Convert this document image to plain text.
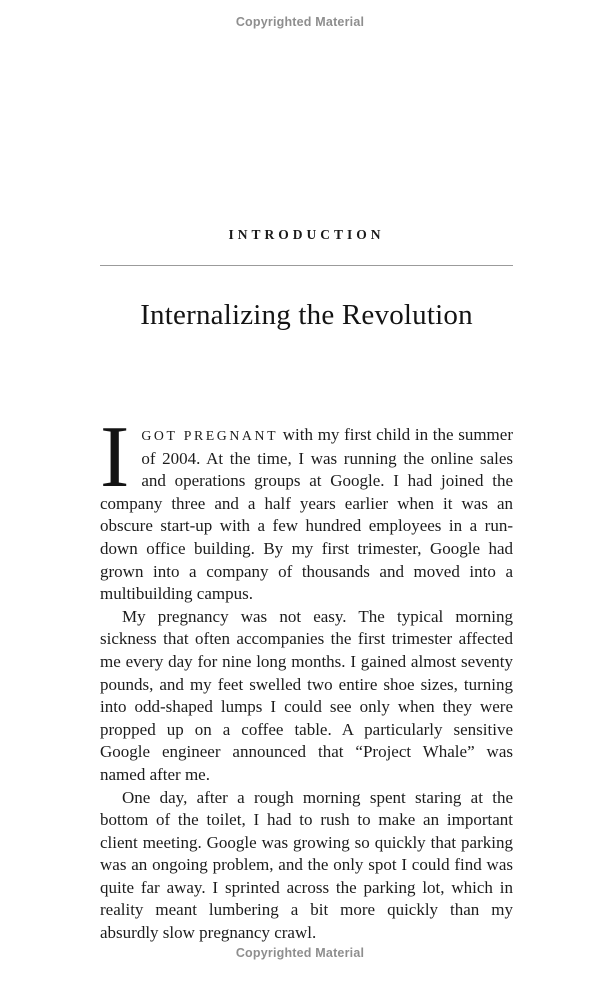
Copyrighted Material
INTRODUCTION
Internalizing the Revolution

I GOT PREGNANT with my first child in the summer of 2004. At the time, I was running the online sales and operations groups at Google. I had joined the company three and a half years earlier when it was an obscure start-up with a few hundred employees in a run-down office building. By my first trimester, Google had grown into a company of thousands and moved into a multibuilding campus.

My pregnancy was not easy. The typical morning sickness that often accompanies the first trimester affected me every day for nine long months. I gained almost seventy pounds, and my feet swelled two entire shoe sizes, turning into odd-shaped lumps I could see only when they were propped up on a coffee table. A particularly sensitive Google engineer announced that “Project Whale” was named after me.

One day, after a rough morning spent staring at the bottom of the toilet, I had to rush to make an important client meeting. Google was growing so quickly that parking was an ongoing problem, and the only spot I could find was quite far away. I sprinted across the parking lot, which in reality meant lumbering a bit more quickly than my absurdly slow pregnancy crawl.

Copyrighted Material
